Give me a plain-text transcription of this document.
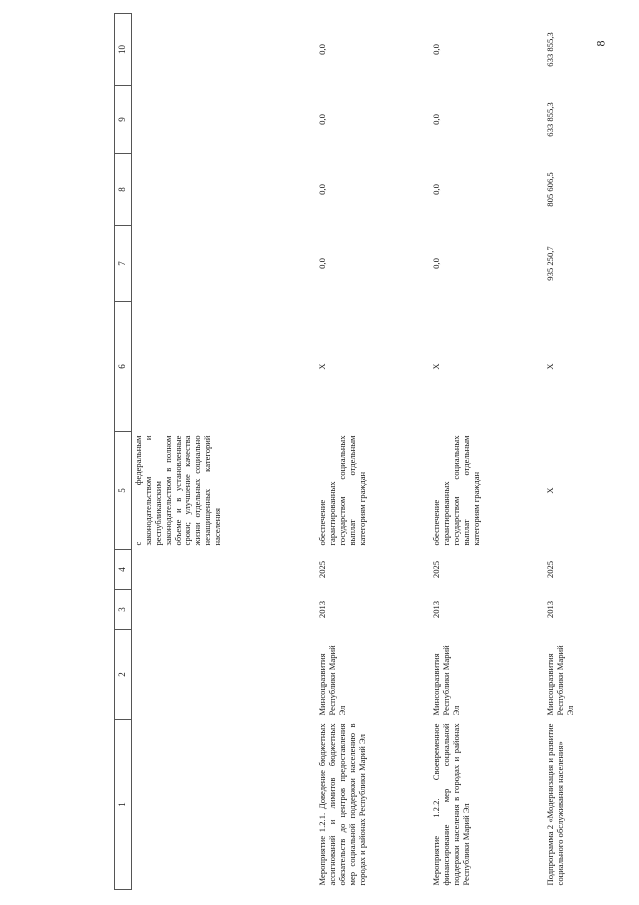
8
1	2	3	4	5	6	7	8	9	10
				с федеральным законодательством и республиканским законодательством в полном объеме и в установленные сроки; улучшение качества жизни отдельных социально незащищенных категорий населения					
Мероприятие 1.2.1. Доведение бюджетных ассигнований и лимитов бюджетных обязательств до центров предоставления мер социальной поддержки населению в городах и районах Республики Марий Эл	Минсоцразвития Республики Марий Эл	2013	2025	обеспечение гарантированных государством социальных выплат отдельным категориям граждан	X	0,0	0,0	0,0	0,0
Мероприятие 1.2.2. Своевременное финансирование мер социальной поддержки населения в городах и районах Республики Марий Эл	Минсоцразвития Республики Марий Эл	2013	2025	обеспечение гарантированных государством социальных выплат отдельным категориям граждан	X	0,0	0,0	0,0	0,0
Подпрограмма 2 «Модернизация и развитие социального обслуживания населения»	Минсоцразвития Республики Марий Эл	2013	2025	X	X	935 250,7	805 606,5	633 855,3	633 855,3
